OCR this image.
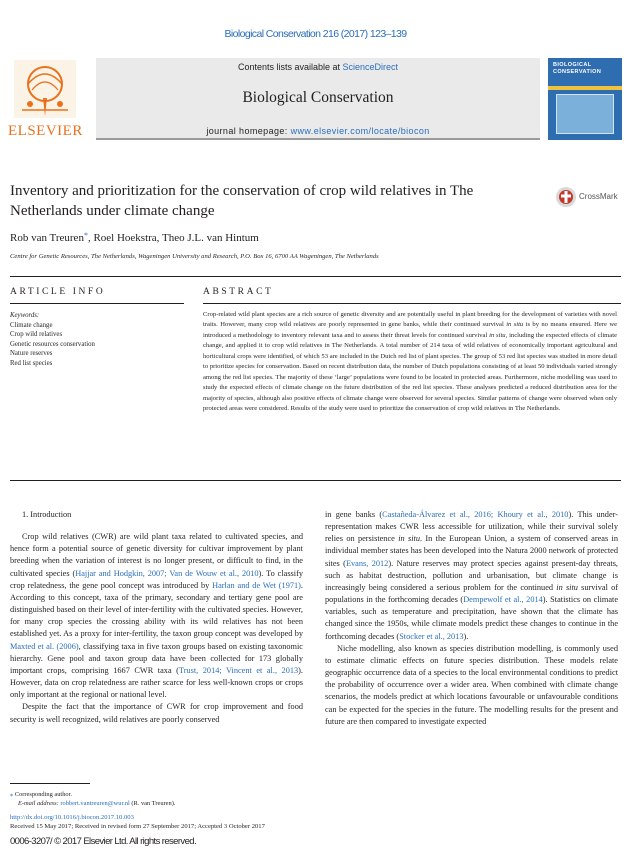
Biological Conservation 216 (2017) 123–139
ELSEVIER
Contents lists available at ScienceDirect
Biological Conservation
journal homepage: www.elsevier.com/locate/biocon
BIOLOGICAL
CONSERVATION
Inventory and prioritization for the conservation of crop wild relatives in The Netherlands under climate change
CrossMark
Rob van Treuren*, Roel Hoekstra, Theo J.L. van Hintum
Centre for Genetic Resources, The Netherlands, Wageningen University and Research, P.O. Box 16, 6700 AA Wageningen, The Netherlands
ARTICLE INFO	ABSTRACT
Keywords:
Climate change
Crop wild relatives
Genetic resources conservation
Nature reserves
Red list species
Crop-related wild plant species are a rich source of genetic diversity and are potentially useful in plant breeding for the development of varieties with novel traits. However, many crop wild relatives are poorly represented in gene banks, while their continued survival in situ is by no means ensured. Here we introduced a methodology to inventory relevant taxa and to assess their threat levels for continued survival in situ, including the expected effects of climate change, and applied it to crop wild relatives in The Netherlands. A total number of 214 taxa of wild relatives of economically important agricultural and horticultural crops were identified, of which 53 are included in the Dutch red list of plant species. The group of 53 red list species was studied in more detail to prioritize species for conservation. Based on recent distribution data, the number of Dutch populations consisting of at least 50 individuals varied strongly among the red list species. The majority of these ‘large’ populations were found to be located in protected areas. Furthermore, niche modelling was used to study the expected effects of climate change on the future distribution of the red list species. These analyses predicted a reduced distribution area for the majority of species, although also positive effects of climate change were observed for several species. Similar patterns of change were observed when only protected areas were considered. Results of the study were used to prioritize the conservation of crop wild relatives in The Netherlands.

1. Introduction

Crop wild relatives (CWR) are wild plant taxa related to cultivated species, and hence form a potential source of genetic diversity for cultivar improvement by plant breeding when the variation of interest is no longer present, or difficult to find, in the cultivated species (Hajjar and Hodgkin, 2007; Van de Wouw et al., 2010). To classify crop relatedness, the gene pool concept was introduced by Harlan and de Wet (1971). According to this concept, taxa of the primary, secondary and tertiary gene pool are distinguished based on their level of inter-fertility with the cultivated species. However, for many crop species the crossing ability with its wild relatives has not been established yet. As a proxy for inter-fertility, the taxon group concept was developed by Maxted et al. (2006), classifying taxa in five taxon groups based on existing taxonomic hierarchy. Gene pool and taxon group data have been collected for 173 globally important crops, comprising 1667 CWR taxa (Trust, 2014; Vincent et al., 2013). However, data on crop relatedness are rather scarce for less well-known crops or crops only important at the regional or national level.

Despite the fact that the importance of CWR for crop improvement and food security is well recognized, wild relatives are poorly conserved

in gene banks (Castañeda-Álvarez et al., 2016; Khoury et al., 2010). This under-representation makes CWR less accessible for utilization, while their survival solely relies on persistence in situ. In the European Union, a system of conserved areas in individual member states has been developed into the Natura 2000 network of protected sites (Evans, 2012). Nature reserves may protect species against present-day threats, such as habitat destruction, pollution and urbanisation, but climate change is increasingly being considered a serious problem for the continued in situ survival of populations in the forthcoming decades (Dempewolf et al., 2014). Statistics on climate variables, such as temperature and precipitation, have shown that the climate has changed since the 1950s, while climate models predict these changes to continue in the forthcoming decades (Stocker et al., 2013).

Niche modelling, also known as species distribution modelling, is commonly used to estimate climatic effects on future species distribution. These models relate geographic occurrence data of a species to the local environmental conditions to predict the probability of occurrence over a wider area. When combined with climate change scenarios, the models predict at which locations favourable or unfavourable conditions can be expected for the species in the future. The modelling results for the present and future are then compared to investigate expected

⁎ Corresponding author.
E-mail address: robbert.vantreuren@wur.nl (R. van Treuren).
http://dx.doi.org/10.1016/j.biocon.2017.10.003
Received 15 May 2017; Received in revised form 27 September 2017; Accepted 3 October 2017
0006-3207/ © 2017 Elsevier Ltd. All rights reserved.
